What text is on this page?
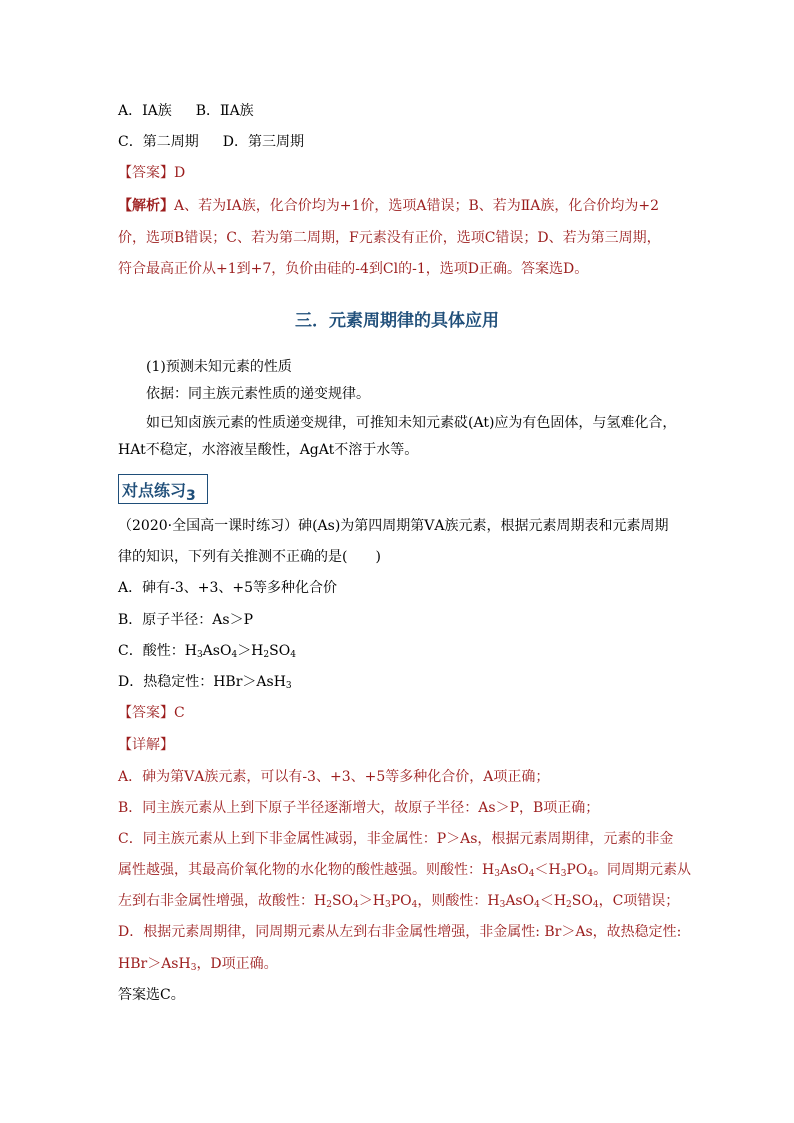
A．ⅠA族 B．ⅡA族
C．第二周期 D．第三周期
【答案】D
【解析】A、若为ⅠA族，化合价均为+1价，选项A错误；B、若为ⅡA族，化合价均为+2
价，选项B错误；C、若为第二周期，F元素没有正价，选项C错误；D、若为第三周期，
符合最高正价从+1到+7，负价由硅的-4到Cl的-1，选项D正确。答案选D。
三．元素周期律的具体应用
(1)预测未知元素的性质
依据：同主族元素性质的递变规律。
如已知卤族元素的性质递变规律，可推知未知元素砹(At)应为有色固体，与氢难化合，
HAt不稳定，水溶液呈酸性，AgAt不溶于水等。
对点练习3
（2020·全国高一课时练习）砷(As)为第四周期第ⅤA族元素，根据元素周期表和元素周期
律的知识，下列有关推测不正确的是(　　)
A．砷有-3、+3、+5等多种化合价
B．原子半径：As＞P
C．酸性：$H_3AsO_4>H_2SO_4$
D．热稳定性：HBr＞AsH$_3$
【答案】C
【详解】
A．砷为第ⅤA族元素，可以有-3、+3、+5等多种化合价，A项正确；
B．同主族元素从上到下原子半径逐渐增大，故原子半径：As＞P，B项正确；
C．同主族元素从上到下非金属性减弱，非金属性：P＞As，根据元素周期律，元素的非金
属性越强，其最高价氧化物的水化物的酸性越强。则酸性：$H_3AsO_4<H_3PO_4$。同周期元素从
左到右非金属性增强，故酸性：$H_2SO_4>H_3PO_4$，则酸性：$H_3AsO_4<H_2SO_4$，C项错误；
D．根据元素周期律，同周期元素从左到右非金属性增强，非金属性: Br＞As，故热稳定性:
HBr＞AsH$_3$，D项正确。
答案选C。
